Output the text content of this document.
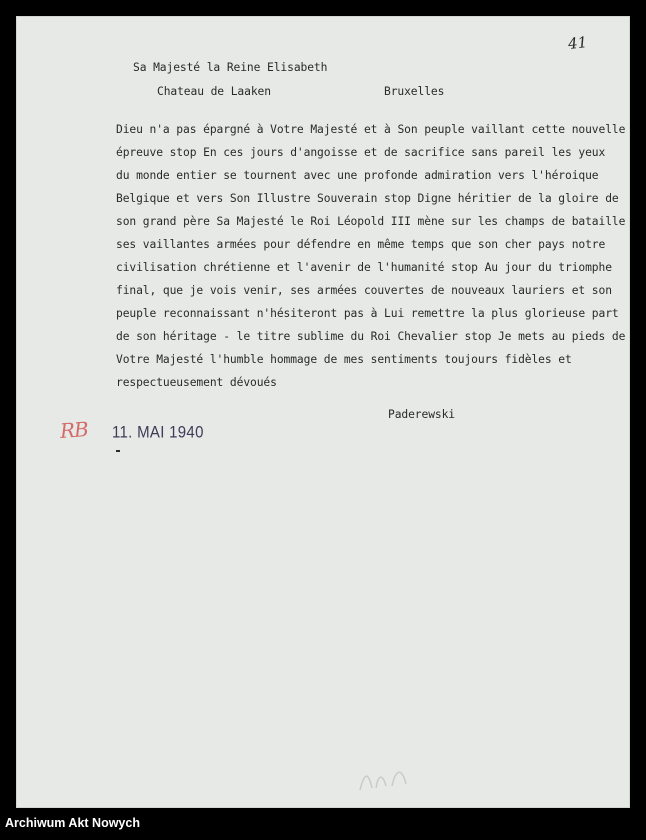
41
Sa Majesté la Reine Elisabeth
Chateau de Laaken	Bruxelles
Dieu n'a pas épargné à Votre Majesté et à Son peuple vaillant cette nouvelle
épreuve stop En ces jours d'angoisse et de sacrifice sans pareil les yeux
du monde entier se tournent avec une profonde admiration vers l'héroique
Belgique et vers Son Illustre Souverain stop Digne héritier de la gloire de
son grand père Sa Majesté le Roi Léopold III mène sur les champs de bataille
ses vaillantes armées pour défendre en même temps que son cher pays notre
civilisation chrétienne et l'avenir de l'humanité stop Au jour du triomphe
final, que je vois venir, ses armées couvertes de nouveaux lauriers et son
peuple reconnaissant n'hésiteront pas à Lui remettre la plus glorieuse part
de son héritage - le titre sublime du Roi Chevalier stop Je mets au pieds de
Votre Majesté l'humble hommage de mes sentiments toujours fidèles et
respectueusement dévoués
Paderewski
RB 11. MAI 1940
Archiwum Akt Nowych
